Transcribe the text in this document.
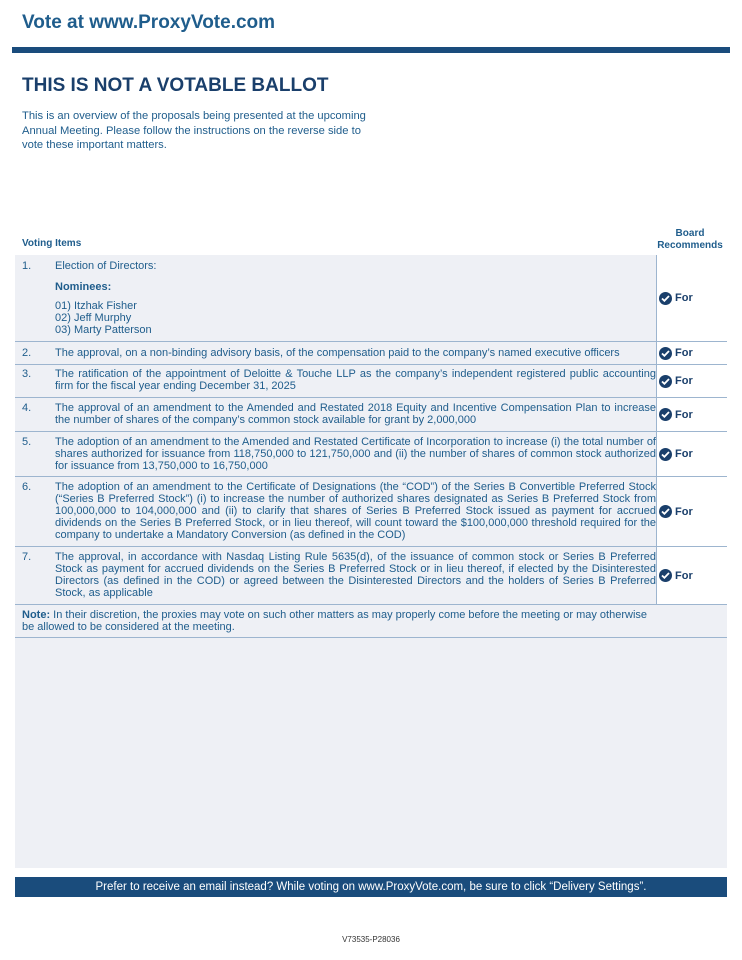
Vote at www.ProxyVote.com
THIS IS NOT A VOTABLE BALLOT
This is an overview of the proposals being presented at the upcoming Annual Meeting. Please follow the instructions on the reverse side to vote these important matters.
Voting Items
Board
Recommends
1.	Election of Directors:
Nominees:
01) Itzhak Fisher
02) Jeff Murphy
03) Marty Patterson
For
2.	The approval, on a non-binding advisory basis, of the compensation paid to the company’s named executive officers	For
3.	The ratification of the appointment of Deloitte & Touche LLP as the company’s independent registered public accounting firm for the fiscal year ending December 31, 2025	For
4.	The approval of an amendment to the Amended and Restated 2018 Equity and Incentive Compensation Plan to increase the number of shares of the company’s common stock available for grant by 2,000,000	For
5.	The adoption of an amendment to the Amended and Restated Certificate of Incorporation to increase (i) the total number of shares authorized for issuance from 118,750,000 to 121,750,000 and (ii) the number of shares of common stock authorized for issuance from 13,750,000 to 16,750,000
For
6.	The adoption of an amendment to the Certificate of Designations (the “COD”) of the Series B Convertible Preferred Stock (“Series B Preferred Stock”) (i) to increase the number of authorized shares designated as Series B Preferred Stock from 100,000,000 to 104,000,000 and (ii) to clarify that shares of Series B Preferred Stock issued as payment for accrued dividends on the Series B Preferred Stock, or in lieu thereof, will count toward the $100,000,000 threshold required for the company to undertake a Mandatory Conversion (as defined in the COD)
For
7.	The approval, in accordance with Nasdaq Listing Rule 5635(d), of the issuance of common stock or Series B Preferred Stock as payment for accrued dividends on the Series B Preferred Stock or in lieu thereof, if elected by the Disinterested Directors (as defined in the COD) or agreed between the Disinterested Directors and the holders of Series B Preferred Stock, as applicable
For
Note: In their discretion, the proxies may vote on such other matters as may properly come before the meeting or may otherwise be allowed to be considered at the meeting.
Prefer to receive an email instead? While voting on www.ProxyVote.com, be sure to click “Delivery Settings”.
V73535-P28036
